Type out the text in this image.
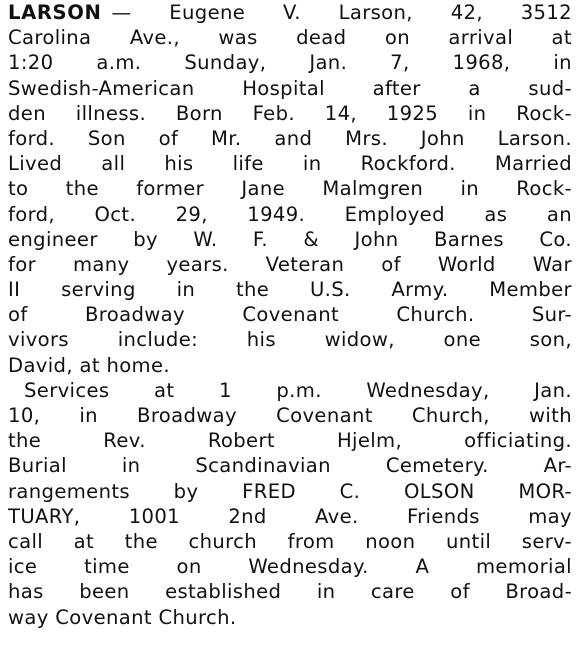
LARSON — Eugene V. Larson, 42, 3512
Carolina Ave., was dead on arrival at
1:20 a.m. Sunday, Jan. 7, 1968, in
Swedish-American Hospital after a sud-
den illness. Born Feb. 14, 1925 in Rock-
ford. Son of Mr. and Mrs. John Larson.
Lived all his life in Rockford. Married
to the former Jane Malmgren in Rock-
ford, Oct. 29, 1949. Employed as an
engineer by W. F. & John Barnes Co.
for many years. Veteran of World War
II serving in the U.S. Army. Member
of	Broadway	Covenant	Church.	Sur-
vivors include: his widow, one son,
David, at home.
Services at 1 p.m. Wednesday, Jan.
10, in Broadway Covenant Church, with
the	Rev.	Robert	Hjelm,	officiating.
Burial	in	Scandinavian	Cemetery.	Ar-
rangements by FRED C. OLSON MOR-
TUARY, 1001 2nd Ave. Friends may
call at the church from noon until serv-
ice time on Wednesday. A memorial
has been established in care of Broad-
way Covenant Church.
